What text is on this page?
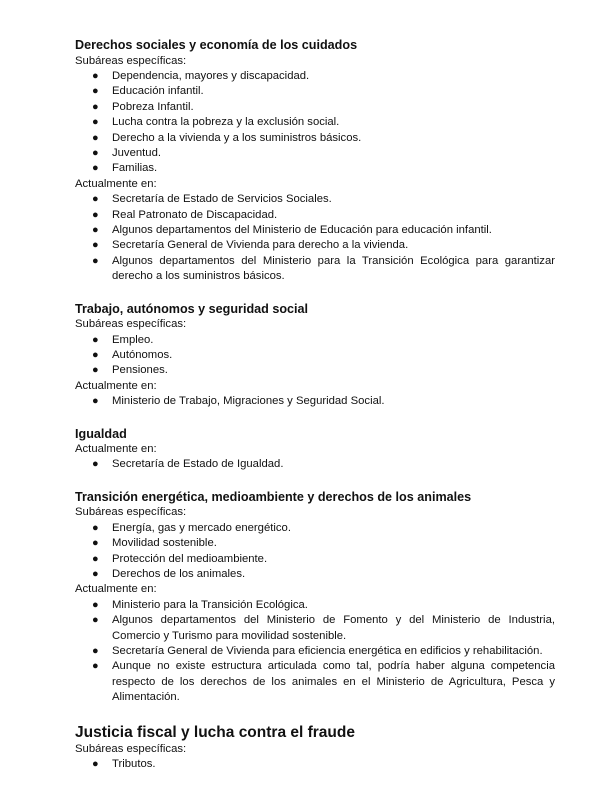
Derechos sociales y economía de los cuidados

Subáreas específicas:

● Dependencia, mayores y discapacidad.
● Educación infantil.
● Pobreza Infantil.
● Lucha contra la pobreza y la exclusión social.
● Derecho a la vivienda y a los suministros básicos.
● Juventud.
● Familias.

Actualmente en:

● Secretaría de Estado de Servicios Sociales.
● Real Patronato de Discapacidad.
● Algunos departamentos del Ministerio de Educación para educación infantil.
● Secretaría General de Vivienda para derecho a la vivienda.
● Algunos departamentos del Ministerio para la Transición Ecológica para garantizar derecho a los suministros básicos.
Trabajo, autónomos y seguridad social

Subáreas específicas:

● Empleo.
● Autónomos.
● Pensiones.

Actualmente en:

● Ministerio de Trabajo, Migraciones y Seguridad Social.
Igualdad

Actualmente en:

● Secretaría de Estado de Igualdad.
Transición energética, medioambiente y derechos de los animales

Subáreas específicas:

● Energía, gas y mercado energético.
● Movilidad sostenible.
● Protección del medioambiente.
● Derechos de los animales.

Actualmente en:

● Ministerio para la Transición Ecológica.
● Algunos departamentos del Ministerio de Fomento y del Ministerio de Industria, Comercio y Turismo para movilidad sostenible.
● Secretaría General de Vivienda para eficiencia energética en edificios y rehabilitación.
● Aunque no existe estructura articulada como tal, podría haber alguna competencia respecto de los derechos de los animales en el Ministerio de Agricultura, Pesca y Alimentación.
Justicia fiscal y lucha contra el fraude

Subáreas específicas:

● Tributos.
